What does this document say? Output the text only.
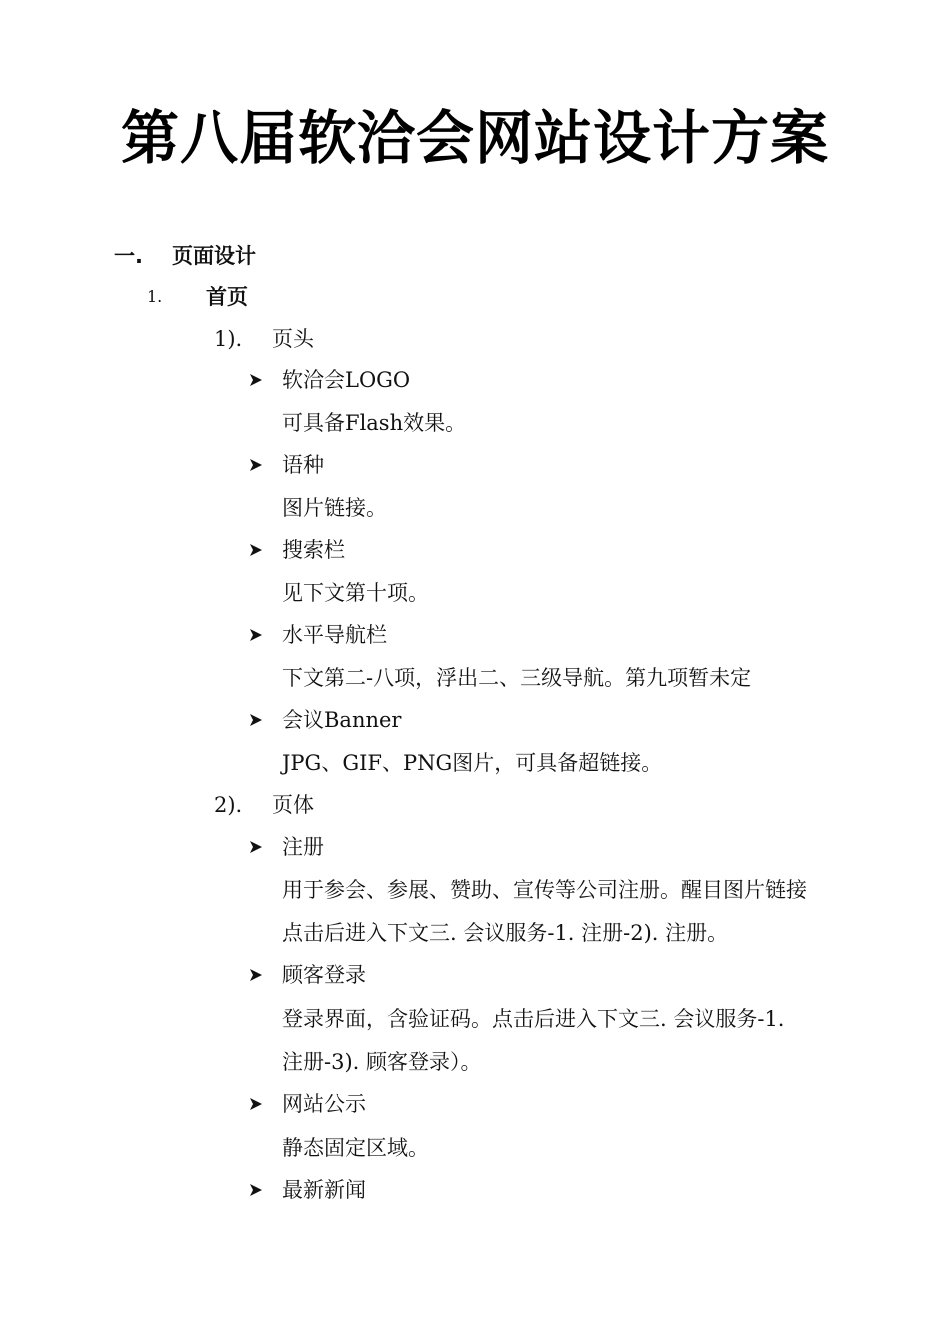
第八届软洽会网站设计方案
一. 页面设计
1. 首页
1). 页头
软洽会LOGO
可具备Flash效果。
语种
图片链接。
搜索栏
见下文第十项。
水平导航栏
下文第二-八项，浮出二、三级导航。第九项暂未定
会议Banner
JPG、GIF、PNG图片，可具备超链接。
2). 页体
注册
用于参会、参展、赞助、宣传等公司注册。醒目图片链接
点击后进入下文三. 会议服务-1. 注册-2). 注册。
顾客登录
登录界面，含验证码。点击后进入下文三. 会议服务-1.
注册-3). 顾客登录）。
网站公示
静态固定区域。
最新新闻
